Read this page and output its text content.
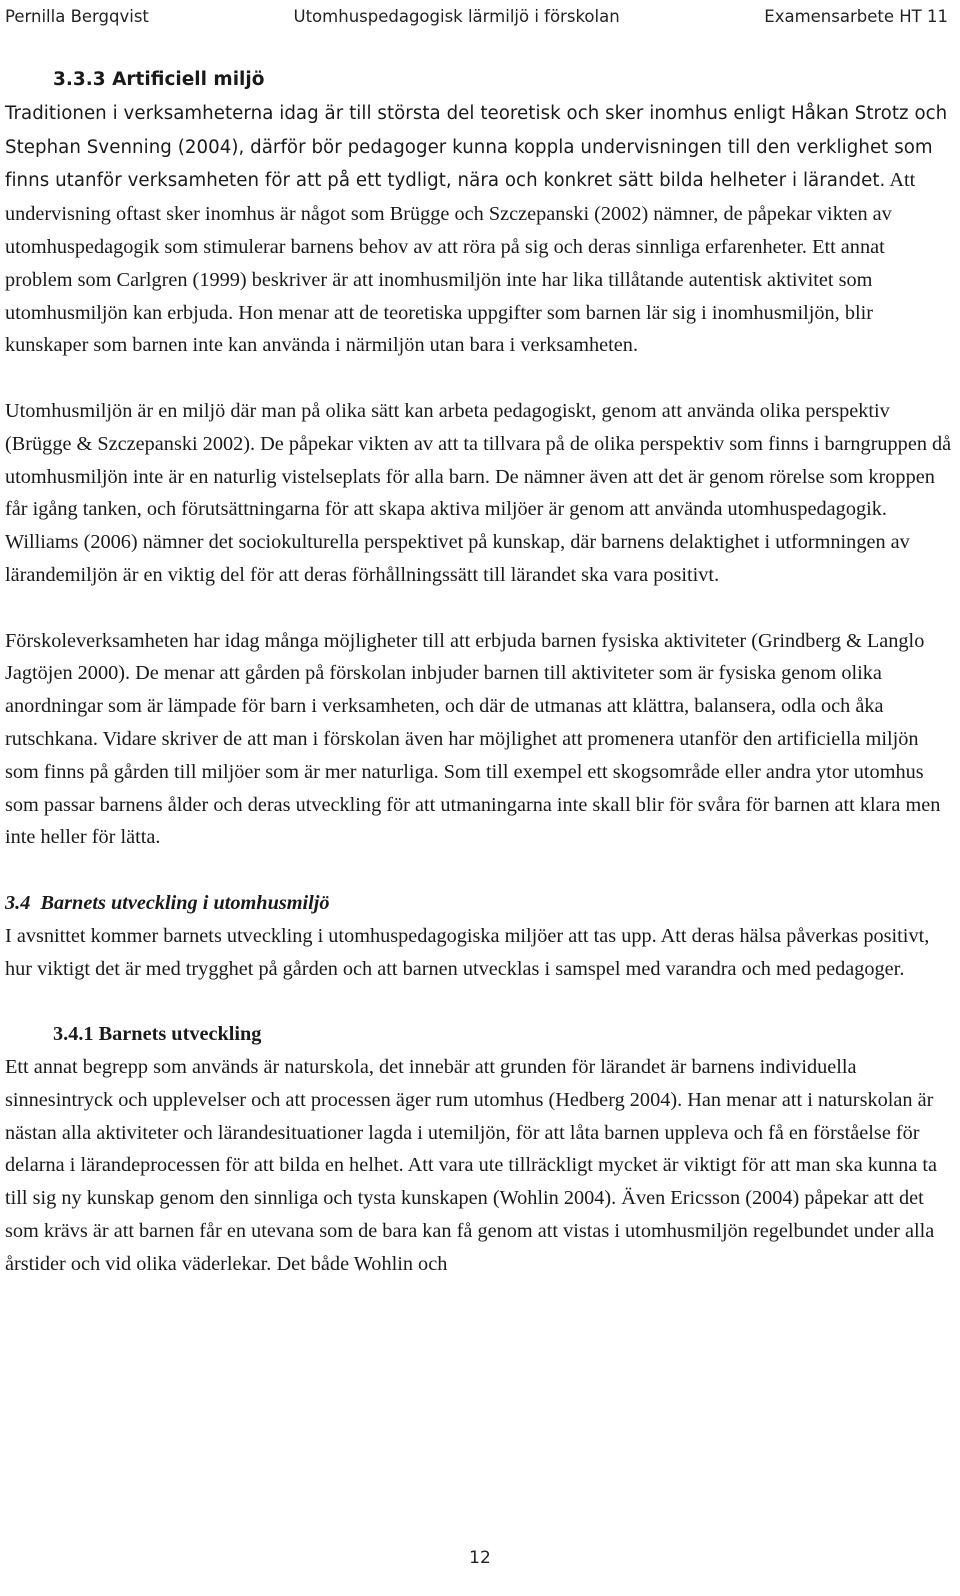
Pernilla Bergqvist	Utomhuspedagogisk lärmiljö i förskolan	Examensarbete HT 11

3.3.3 Artificiell miljö

Traditionen i verksamheterna idag är till största del teoretisk och sker inomhus enligt Håkan Strotz och Stephan Svenning (2004), därför bör pedagoger kunna koppla undervisningen till den verklighet som finns utanför verksamheten för att på ett tydligt, nära och konkret sätt bilda helheter i lärandet. Att undervisning oftast sker inomhus är något som Brügge och Szczepanski (2002) nämner, de påpekar vikten av utomhuspedagogik som stimulerar barnens behov av att röra på sig och deras sinnliga erfarenheter. Ett annat problem som Carlgren (1999) beskriver är att inomhusmiljön inte har lika tillåtande autentisk aktivitet som utomhusmiljön kan erbjuda. Hon menar att de teoretiska uppgifter som barnen lär sig i inomhusmiljön, blir kunskaper som barnen inte kan använda i närmiljön utan bara i verksamheten.

Utomhusmiljön är en miljö där man på olika sätt kan arbeta pedagogiskt, genom att använda olika perspektiv (Brügge & Szczepanski 2002). De påpekar vikten av att ta tillvara på de olika perspektiv som finns i barngruppen då utomhusmiljön inte är en naturlig vistelseplats för alla barn. De nämner även att det är genom rörelse som kroppen får igång tanken, och förutsättningarna för att skapa aktiva miljöer är genom att använda utomhuspedagogik. Williams (2006) nämner det sociokulturella perspektivet på kunskap, där barnens delaktighet i utformningen av lärandemiljön är en viktig del för att deras förhållningssätt till lärandet ska vara positivt.

Förskoleverksamheten har idag många möjligheter till att erbjuda barnen fysiska aktiviteter (Grindberg & Langlo Jagtöjen 2000). De menar att gården på förskolan inbjuder barnen till aktiviteter som är fysiska genom olika anordningar som är lämpade för barn i verksamheten, och där de utmanas att klättra, balansera, odla och åka rutschkana. Vidare skriver de att man i förskolan även har möjlighet att promenera utanför den artificiella miljön som finns på gården till miljöer som är mer naturliga. Som till exempel ett skogsområde eller andra ytor utomhus som passar barnens ålder och deras utveckling för att utmaningarna inte skall blir för svåra för barnen att klara men inte heller för lätta.

3.4 Barnets utveckling i utomhusmiljö

I avsnittet kommer barnets utveckling i utomhuspedagogiska miljöer att tas upp. Att deras hälsa påverkas positivt, hur viktigt det är med trygghet på gården och att barnen utvecklas i samspel med varandra och med pedagoger.

3.4.1 Barnets utveckling

Ett annat begrepp som används är naturskola, det innebär att grunden för lärandet är barnens individuella sinnesintryck och upplevelser och att processen äger rum utomhus (Hedberg 2004). Han menar att i naturskolan är nästan alla aktiviteter och lärandesituationer lagda i utemiljön, för att låta barnen uppleva och få en förståelse för delarna i lärandeprocessen för att bilda en helhet. Att vara ute tillräckligt mycket är viktigt för att man ska kunna ta till sig ny kunskap genom den sinnliga och tysta kunskapen (Wohlin 2004). Även Ericsson (2004) påpekar att det som krävs är att barnen får en utevana som de bara kan få genom att vistas i utomhusmiljön regelbundet under alla årstider och vid olika väderlekar. Det både Wohlin och

12
